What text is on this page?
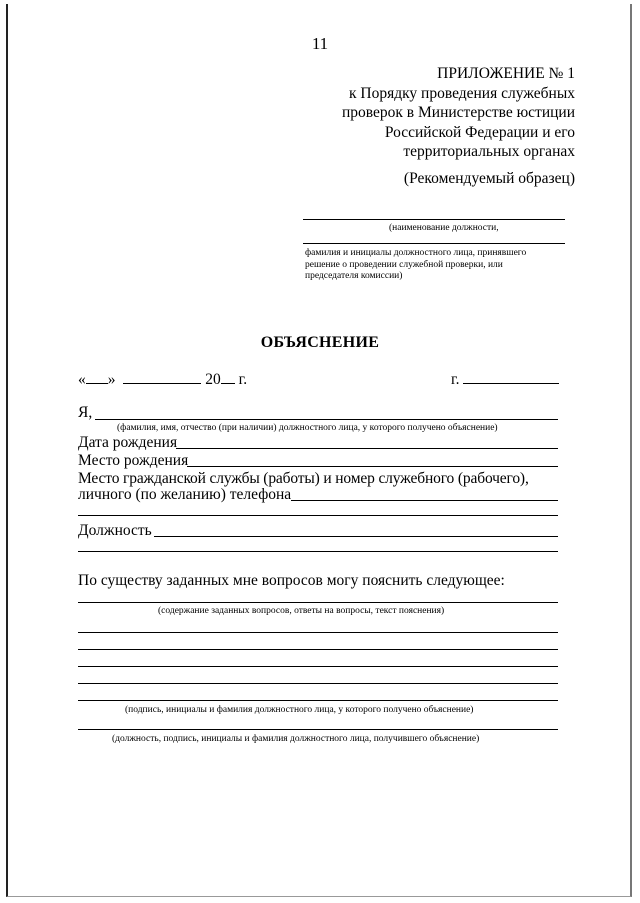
11
ПРИЛОЖЕНИЕ № 1
к Порядку проведения служебных
проверок в Министерстве юстиции
Российской Федерации и его
территориальных органах
(Рекомендуемый образец)
(наименование должности,
фамилия и инициалы должностного лица, принявшего
решение о проведении служебной проверки, или
председателя комиссии)
ОБЪЯСНЕНИЕ
« »	20 г.	г.
Я,
(фамилия, имя, отчество (при наличии) должностного лица, у которого получено объяснение)
Дата рождения
Место рождения
Место гражданской службы (работы) и номер служебного (рабочего),
личного (по желанию) телефона
Должность
По существу заданных мне вопросов могу пояснить следующее:
(содержание заданных вопросов, ответы на вопросы, текст пояснения)
(подпись, инициалы и фамилия должностного лица, у которого получено объяснение)
(должность, подпись, инициалы и фамилия должностного лица, получившего объяснение)
